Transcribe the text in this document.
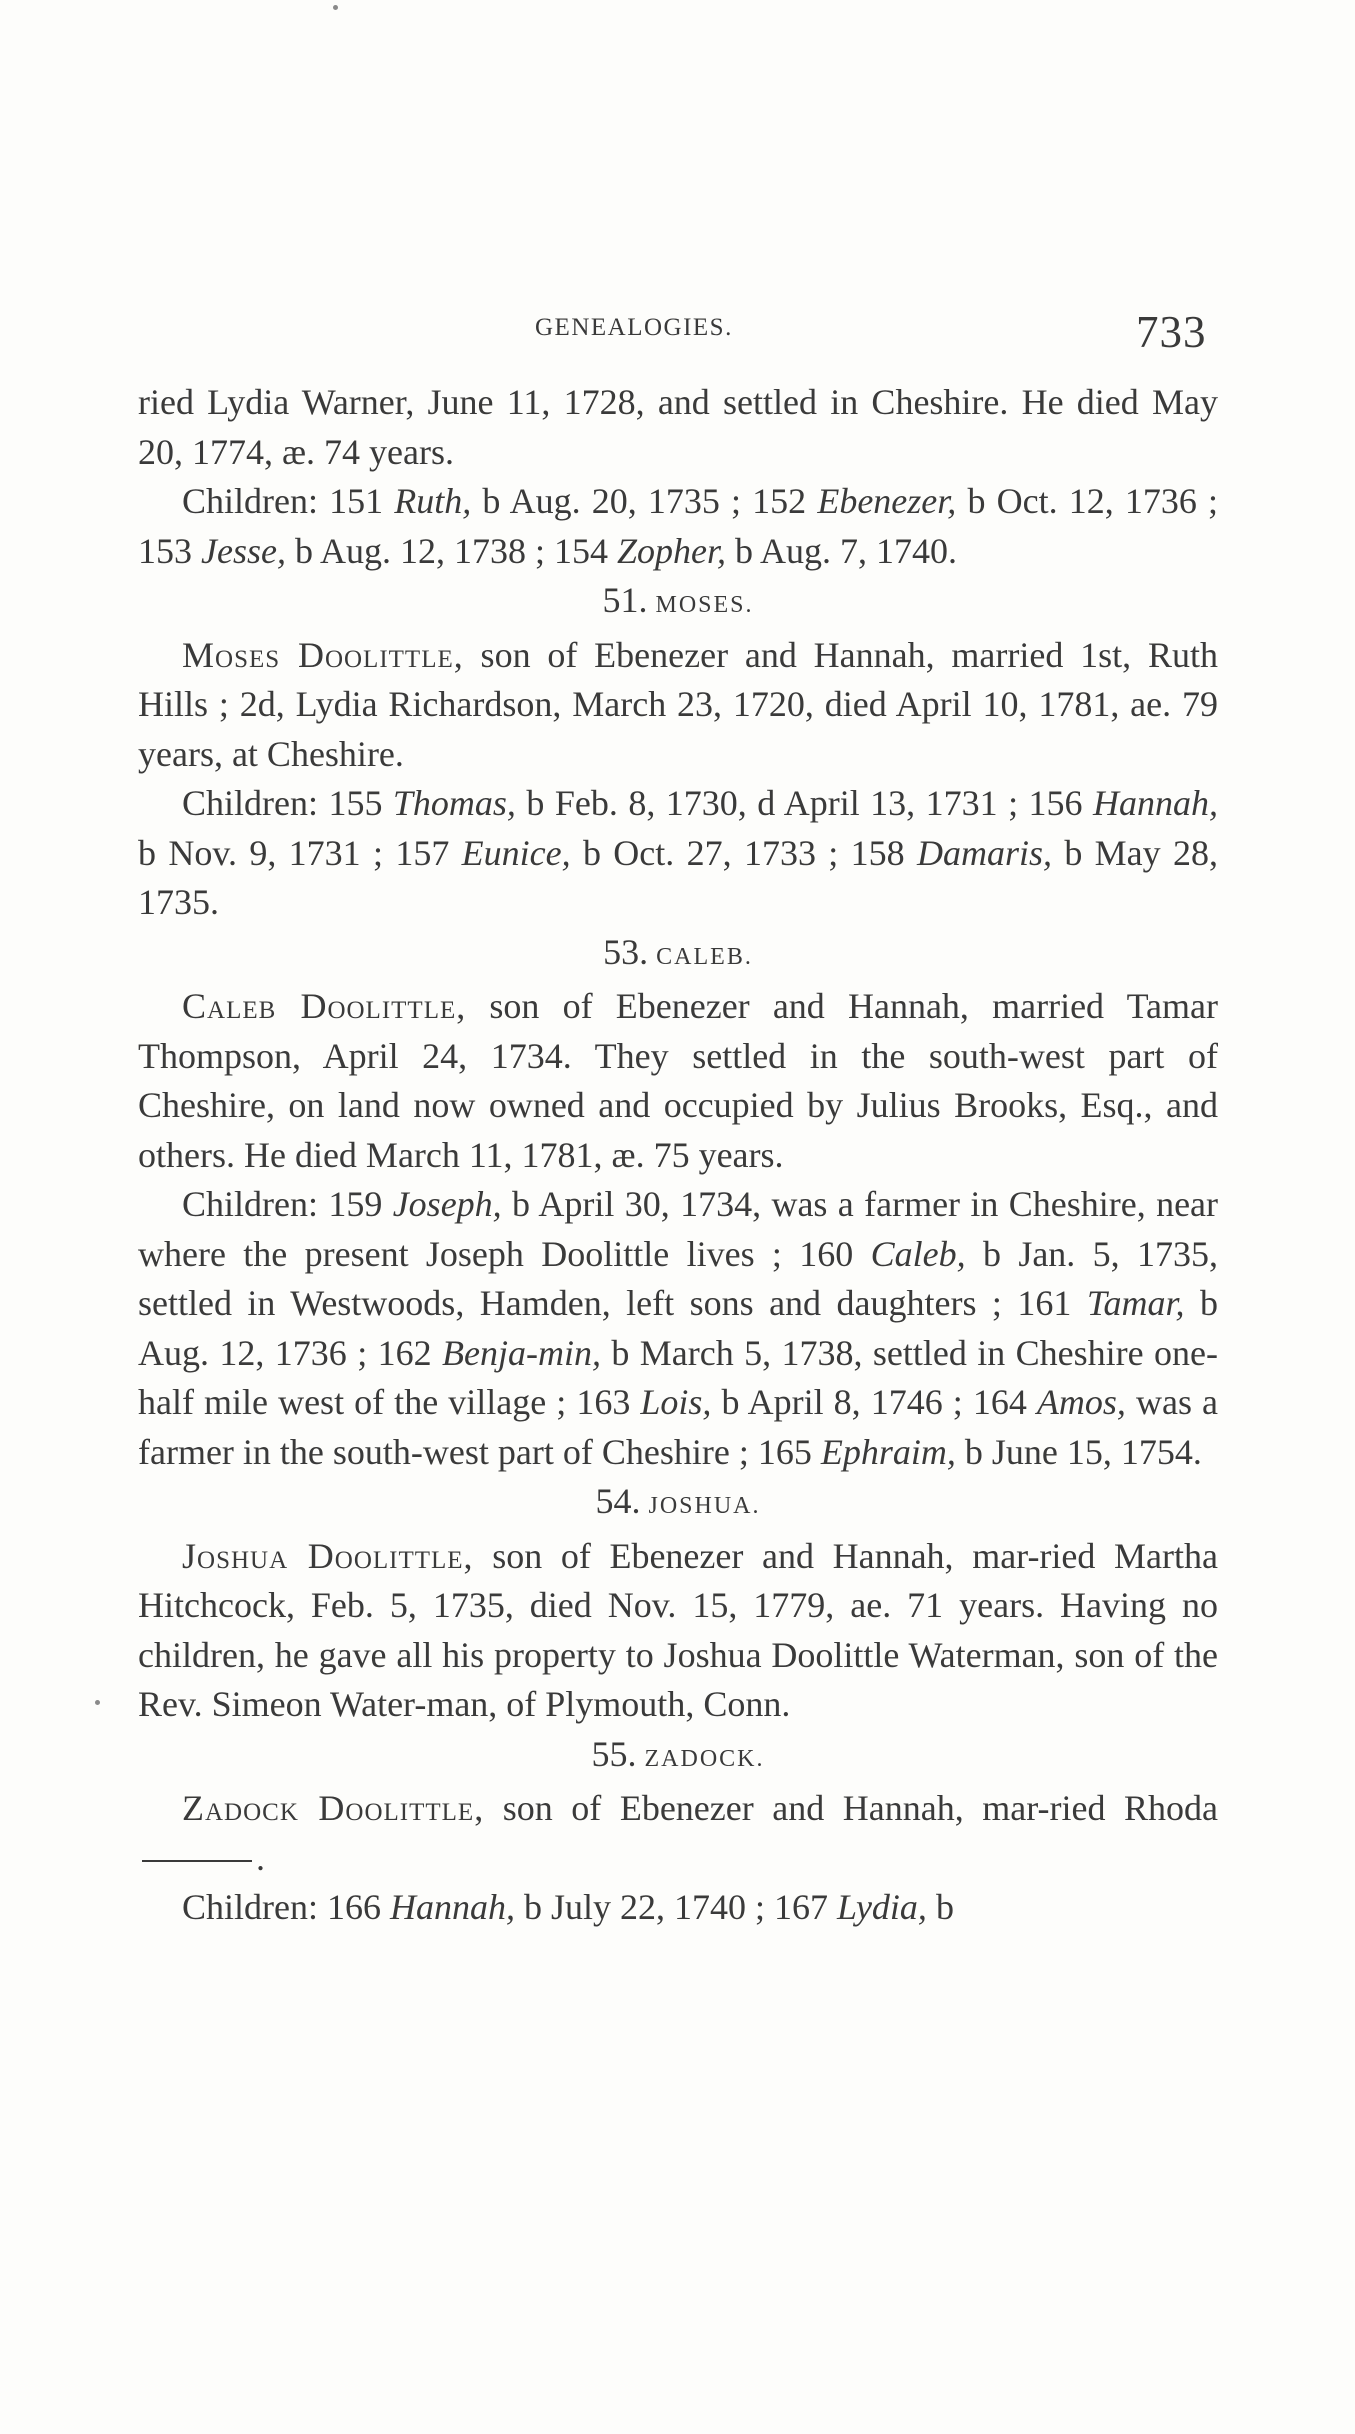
GENEALOGIES.	733

ried Lydia Warner, June 11, 1728, and settled in Cheshire. He died May 20, 1774, æ. 74 years.

Children: 151 Ruth, b Aug. 20, 1735 ; 152 Ebenezer, b Oct. 12, 1736 ; 153 Jesse, b Aug. 12, 1738 ; 154 Zopher, b Aug. 7, 1740.

51. MOSES.

Moses Doolittle, son of Ebenezer and Hannah, married 1st, Ruth Hills ; 2d, Lydia Richardson, March 23, 1720, died April 10, 1781, ae. 79 years, at Cheshire.

Children: 155 Thomas, b Feb. 8, 1730, d April 13, 1731 ; 156 Hannah, b Nov. 9, 1731 ; 157 Eunice, b Oct. 27, 1733 ; 158 Damaris, b May 28, 1735.

53. CALEB.

Caleb Doolittle, son of Ebenezer and Hannah, married Tamar Thompson, April 24, 1734. They settled in the south-west part of Cheshire, on land now owned and occupied by Julius Brooks, Esq., and others. He died March 11, 1781, æ. 75 years.

Children: 159 Joseph, b April 30, 1734, was a farmer in Cheshire, near where the present Joseph Doolittle lives ; 160 Caleb, b Jan. 5, 1735, settled in Westwoods, Hamden, left sons and daughters ; 161 Tamar, b Aug. 12, 1736 ; 162 Benja-min, b March 5, 1738, settled in Cheshire one-half mile west of the village ; 163 Lois, b April 8, 1746 ; 164 Amos, was a farmer in the south-west part of Cheshire ; 165 Ephraim, b June 15, 1754.

54. JOSHUA.

Joshua Doolittle, son of Ebenezer and Hannah, mar-ried Martha Hitchcock, Feb. 5, 1735, died Nov. 15, 1779, ae. 71 years. Having no children, he gave all his property to Joshua Doolittle Waterman, son of the Rev. Simeon Water-man, of Plymouth, Conn.

55. ZADOCK.

Zadock Doolittle, son of Ebenezer and Hannah, mar-ried Rhoda .

Children: 166 Hannah, b July 22, 1740 ; 167 Lydia, b
